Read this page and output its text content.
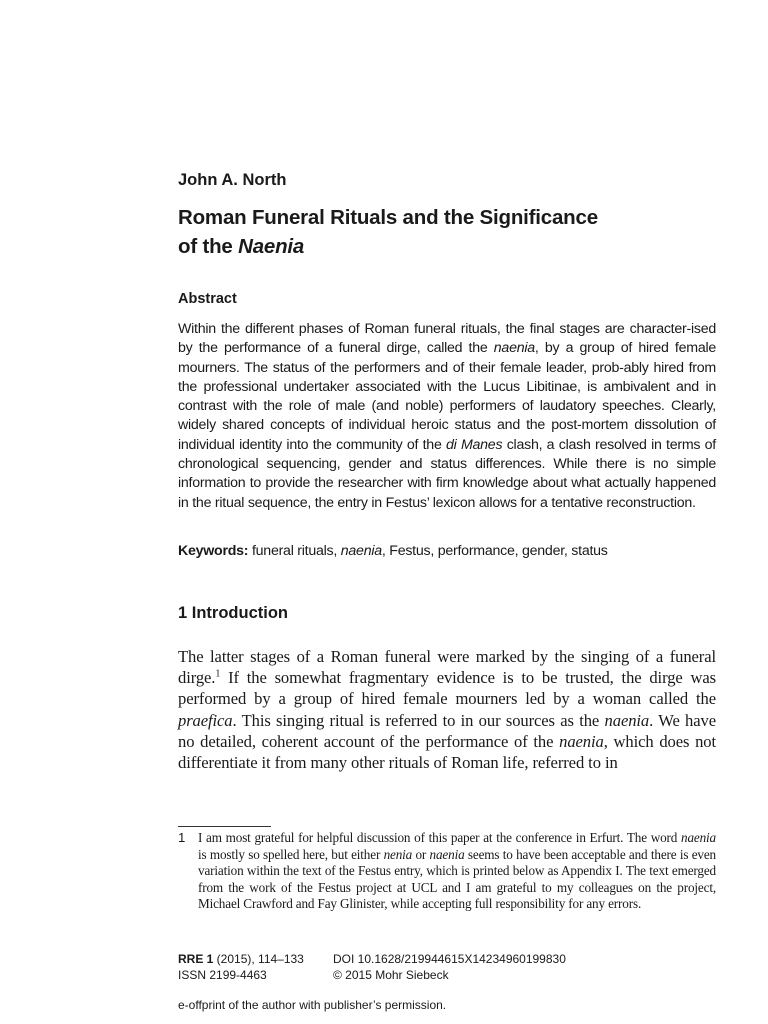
John A. North
Roman Funeral Rituals and the Significance
of the Naenia
Abstract
Within the different phases of Roman funeral rituals, the final stages are character-ised by the performance of a funeral dirge, called the naenia, by a group of hired female mourners. The status of the performers and of their female leader, prob-ably hired from the professional undertaker associated with the Lucus Libitinae, is ambivalent and in contrast with the role of male (and noble) performers of laudatory speeches. Clearly, widely shared concepts of individual heroic status and the post-mortem dissolution of individual identity into the community of the di Manes clash, a clash resolved in terms of chronological sequencing, gender and status differences. While there is no simple information to provide the researcher with firm knowledge about what actually happened in the ritual sequence, the entry in Festus’ lexicon allows for a tentative reconstruction.
Keywords: funeral rituals, naenia, Festus, performance, gender, status
1 Introduction
The latter stages of a Roman funeral were marked by the singing of a funeral dirge.$^1$ If the somewhat fragmentary evidence is to be trusted, the dirge was performed by a group of hired female mourners led by a woman called the praefica. This singing ritual is referred to in our sources as the naenia. We have no detailed, coherent account of the performance of the naenia, which does not differentiate it from many other rituals of Roman life, referred to in
1 I am most grateful for helpful discussion of this paper at the conference in Erfurt. The word naenia is mostly so spelled here, but either nenia or naenia seems to have been acceptable and there is even variation within the text of the Festus entry, which is printed below as Appendix I. The text emerged from the work of the Festus project at UCL and I am grateful to my colleagues on the project, Michael Crawford and Fay Glinister, while accepting full responsibility for any errors.
RRE 1 (2015), 114–133
ISSN 2199-4463
DOI 10.1628/219944615X14234960199830
© 2015 Mohr Siebeck
e-offprint of the author with publisher’s permission.
